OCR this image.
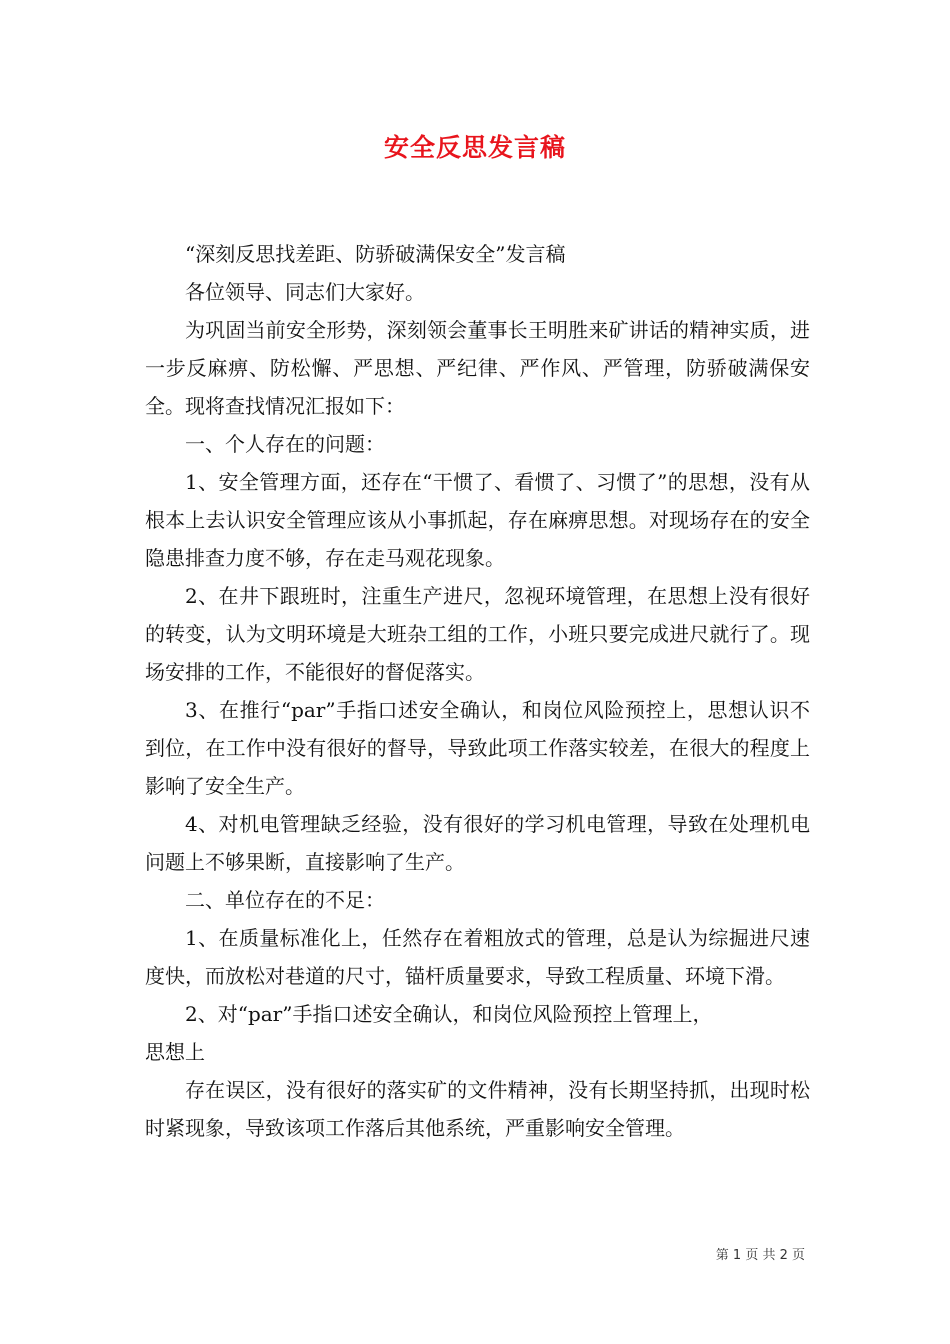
安全反思发言稿

“深刻反思找差距、防骄破满保安全”发言稿

各位领导、同志们大家好。

为巩固当前安全形势，深刻领会董事长王明胜来矿讲话的精神实质，进一步反麻痹、防松懈、严思想、严纪律、严作风、严管理，防骄破满保安全。现将查找情况汇报如下：

一、个人存在的问题：

1、安全管理方面，还存在“干惯了、看惯了、习惯了”的思想，没有从根本上去认识安全管理应该从小事抓起，存在麻痹思想。对现场存在的安全隐患排查力度不够，存在走马观花现象。

2、在井下跟班时，注重生产进尺，忽视环境管理，在思想上没有很好的转变，认为文明环境是大班杂工组的工作，小班只要完成进尺就行了。现场安排的工作，不能很好的督促落实。

3、在推行“par”手指口述安全确认，和岗位风险预控上，思想认识不到位，在工作中没有很好的督导，导致此项工作落实较差，在很大的程度上影响了安全生产。

4、对机电管理缺乏经验，没有很好的学习机电管理，导致在处理机电问题上不够果断，直接影响了生产。

二、单位存在的不足：

1、在质量标准化上，任然存在着粗放式的管理，总是认为综掘进尺速度快，而放松对巷道的尺寸，锚杆质量要求，导致工程质量、环境下滑。

2、对“par”手指口述安全确认，和岗位风险预控上管理上，

思想上

存在误区，没有很好的落实矿的文件精神，没有长期坚持抓，出现时松时紧现象，导致该项工作落后其他系统，严重影响安全管理。

第 1 页 共 2 页
